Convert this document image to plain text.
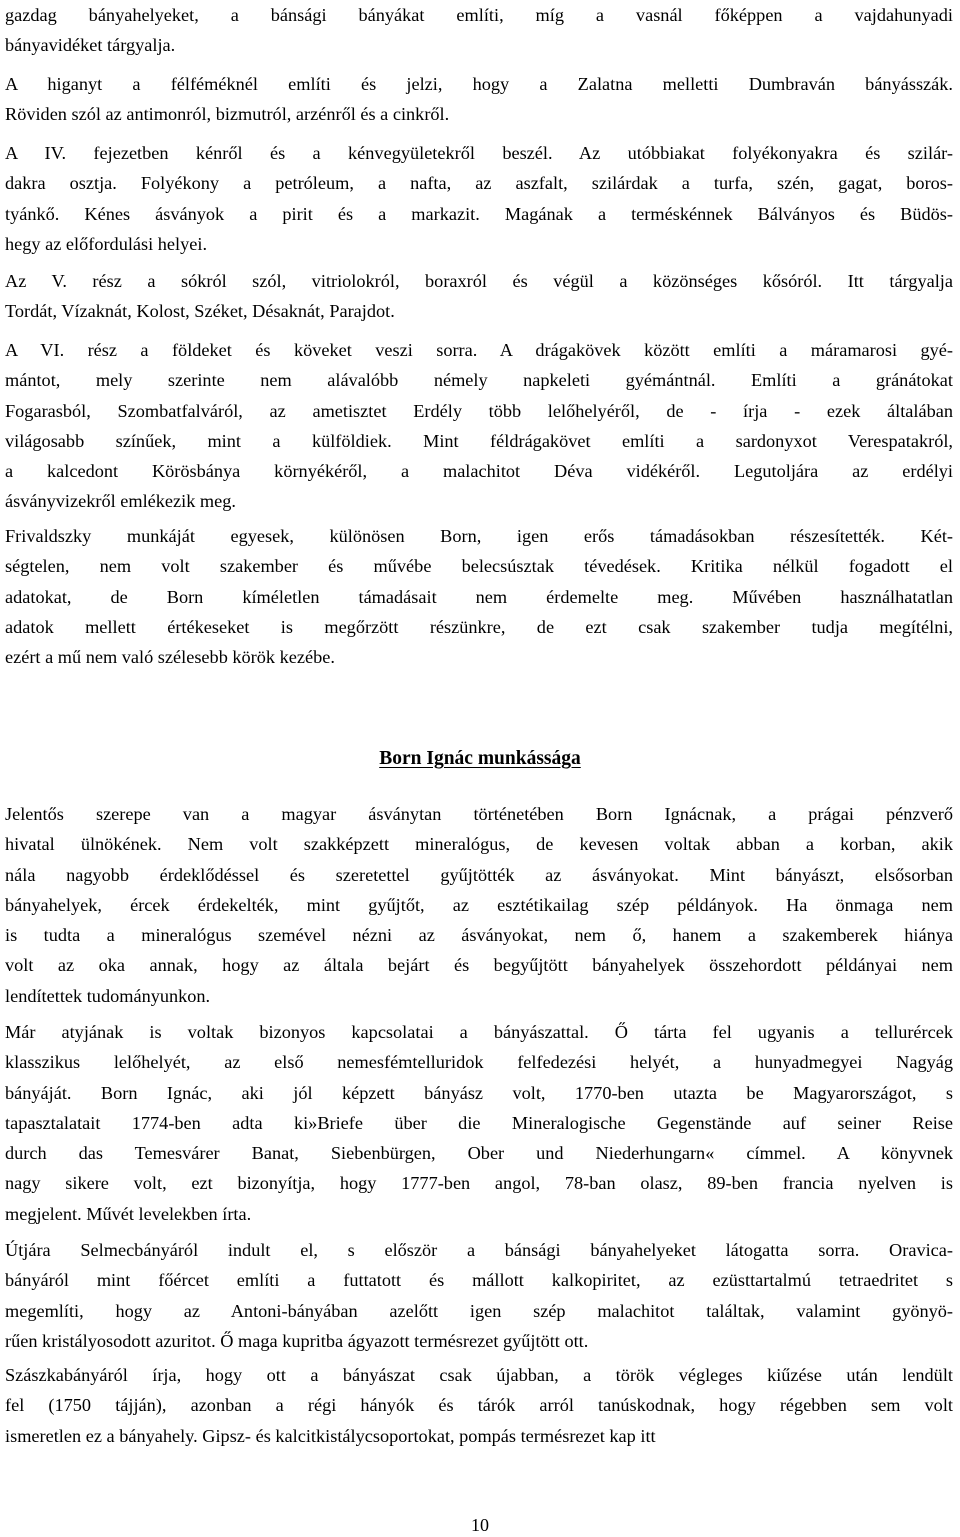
gazdag bányahelyeket, a bánsági bányákat említi, míg a vasnál főképpen a vajdahunyadi
bányavidéket tárgyalja.
A higanyt a félféméknél említi és jelzi, hogy a Zalatna melletti Dumbraván bányásszák.
Röviden szól az antimonról, bizmutról, arzénről és a cinkről.
A IV. fejezetben kénről és a kénvegyületekről beszél. Az utóbbiakat folyékonyakra és szilár-
dakra osztja. Folyékony a petróleum, a nafta, az aszfalt, szilárdak a turfa, szén, gagat, boros-
tyánkő. Kénes ásványok a pirit és a markazit. Magának a terméskénnek Bálványos és Büdös-
hegy az előfordulási helyei.
Az V. rész a sókról szól, vitriolokról, boraxról és végül a közönséges kősóról. Itt tárgyalja
Tordát, Vízaknát, Kolost, Széket, Désaknát, Parajdot.
A VI. rész a földeket és köveket veszi sorra. A drágakövek között említi a máramarosi gyé-
mántot, mely szerinte nem alávalóbb némely napkeleti gyémántnál. Említi a gránátokat
Fogarasból, Szombatfalváról, az ametisztet Erdély több lelőhelyéről, de - írja - ezek általában
világosabb színűek, mint a külföldiek. Mint féldrágakövet említi a sardonyxot Verespatakról,
a kalcedont Körösbánya környékéről, a malachitot Déva vidékéről. Legutoljára az erdélyi
ásványvizekről emlékezik meg.
Frivaldszky munkáját egyesek, különösen Born, igen erős támadásokban részesítették. Két-
ségtelen, nem volt szakember és művébe belecsúsztak tévedések. Kritika nélkül fogadott el
adatokat, de Born kíméletlen támadásait nem érdemelte meg. Művében használhatatlan
adatok mellett értékeseket is megőrzött részünkre, de ezt csak szakember tudja megítélni,
ezért a mű nem való szélesebb körök kezébe.
Born Ignác munkássága
Jelentős szerepe van a magyar ásványtan történetében Born Ignácnak, a prágai pénzverő
hivatal ülnökének. Nem volt szakképzett mineralógus, de kevesen voltak abban a korban, akik
nála nagyobb érdeklődéssel és szeretettel gyűjtötték az ásványokat. Mint bányászt, elsősorban
bányahelyek, ércek érdekelték, mint gyűjtőt, az esztétikailag szép példányok. Ha önmaga nem
is tudta a mineralógus szemével nézni az ásványokat, nem ő, hanem a szakemberek hiánya
volt az oka annak, hogy az általa bejárt és begyűjtött bányahelyek összehordott példányai nem
lendítettek tudományunkon.
Már atyjának is voltak bizonyos kapcsolatai a bányászattal. Ő tárta fel ugyanis a tellurércek
klasszikus lelőhelyét, az első nemesfémtelluridok felfedezési helyét, a hunyadmegyei Nagyág
bányáját. Born Ignác, aki jól képzett bányász volt, 1770-ben utazta be Magyarországot, s
tapasztalatait 1774-ben adta ki»Briefe über die Mineralogische Gegenstände auf seiner Reise
durch das Temesvárer Banat, Siebenbürgen, Ober und Niederhungarn« címmel. A könyvnek
nagy sikere volt, ezt bizonyítja, hogy 1777-ben angol, 78-ban olasz, 89-ben francia nyelven is
megjelent. Művét levelekben írta.
Útjára Selmecbányáról indult el, s először a bánsági bányahelyeket látogatta sorra. Oravica-
bányáról mint főércet említi a futtatott és mállott kalkopiritet, az ezüsttartalmú tetraedritet s
megemlíti, hogy az Antoni-bányában azelőtt igen szép malachitot találtak, valamint gyönyö-
rűen kristályosodott azuritot. Ő maga kupritba ágyazott termésrezet gyűjtött ott.
Szászkabányáról írja, hogy ott a bányászat csak újabban, a török végleges kiűzése után lendült
fel (1750 tájján), azonban a régi hányók és tárók arról tanúskodnak, hogy régebben sem volt
ismeretlen ez a bányahely. Gipsz- és kalcitkistálycsoportokat, pompás termésrezet kap itt
10
